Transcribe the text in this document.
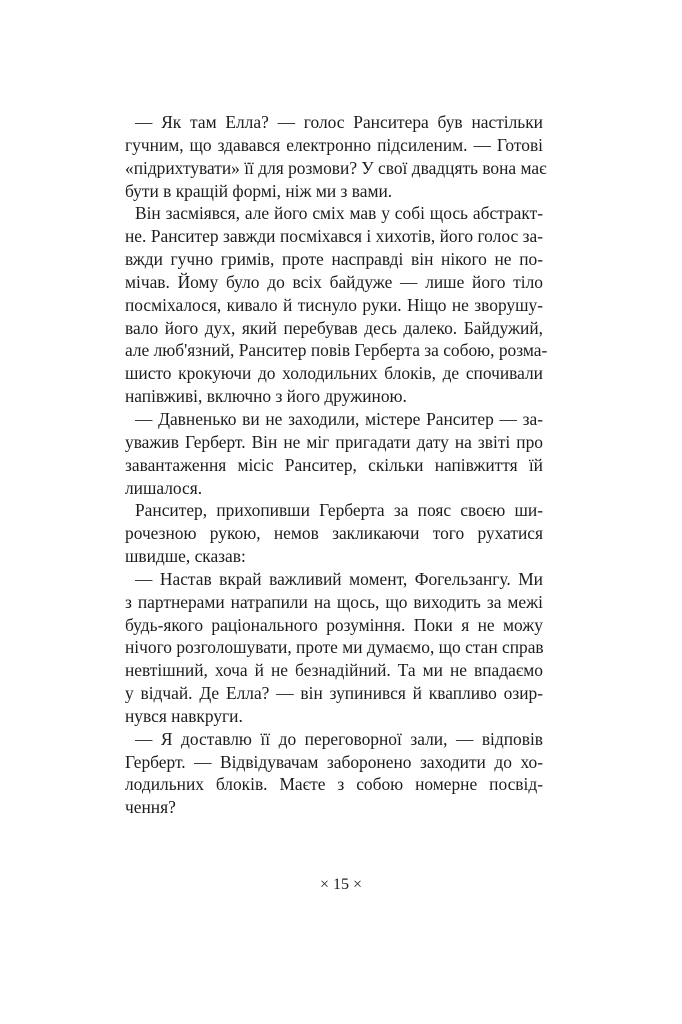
— Як там Елла? — голос Ранситера був настільки
гучним, що здавався електронно підсиленим. — Готові
«підрихтувати» її для розмови? У свої двадцять вона має
бути в кращій формі, ніж ми з вами.
Він засміявся, але його сміх мав у собі щось абстракт-
не. Ранситер завжди посміхався і хихотів, його голос за-
вжди гучно гримів, проте насправді він нікого не по-
мічав. Йому було до всіх байдуже — лише його тіло
посміхалося, кивало й тиснуло руки. Ніщо не зворушу-
вало його дух, який перебував десь далеко. Байдужий,
але люб'язний, Ранситер повів Герберта за собою, розма-
шисто крокуючи до холодильних блоків, де спочивали
напівживі, включно з його дружиною.
— Давненько ви не заходили, містере Ранситер — за-
уважив Герберт. Він не міг пригадати дату на звіті про
завантаження місіс Ранситер, скільки напівжиття їй
лишалося.
Ранситер, прихопивши Герберта за пояс своєю ши-
рочезною рукою, немов закликаючи того рухатися
швидше, сказав:
— Настав вкрай важливий момент, Фогельзангу. Ми
з партнерами натрапили на щось, що виходить за межі
будь-якого раціонального розуміння. Поки я не можу
нічого розголошувати, проте ми думаємо, що стан справ
невтішний, хоча й не безнадійний. Та ми не впадаємо
у відчай. Де Елла? — він зупинився й квапливо озир-
нувся навкруги.
— Я доставлю її до переговорної зали, — відповів
Герберт. — Відвідувачам заборонено заходити до хо-
лодильних блоків. Маєте з собою номерне посвід-
чення?
× 15 ×
